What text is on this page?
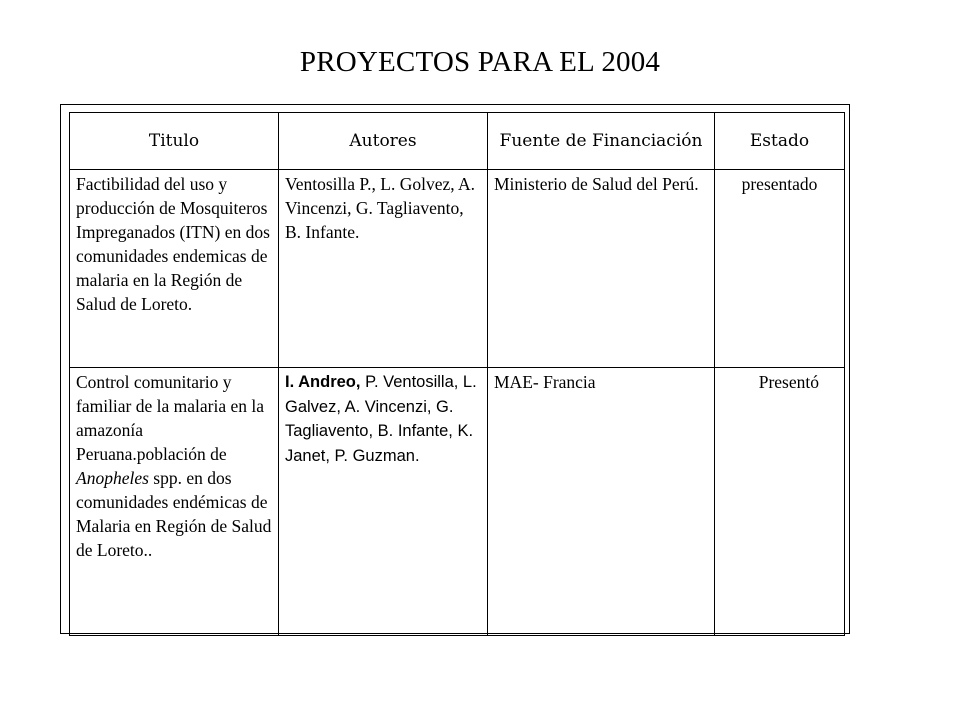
PROYECTOS PARA EL 2004
Titulo	Autores	Fuente de Financiación	Estado
Factibilidad del uso y producción de Mosquiteros Impreganados (ITN) en dos comunidades endemicas de malaria en la Región de Salud de Loreto.	Ventosilla P., L. Golvez, A. Vincenzi, G. Tagliavento, B. Infante.	Ministerio de Salud del Perú.	presentado
Control comunitario y familiar de la malaria en la amazonía Peruana.población de Anopheles spp. en dos comunidades endémicas de Malaria en Región de Salud de Loreto..	I. Andreo, P. Ventosilla, L. Galvez, A. Vincenzi, G. Tagliavento, B. Infante, K. Janet, P. Guzman.	MAE- Francia	Presentó
